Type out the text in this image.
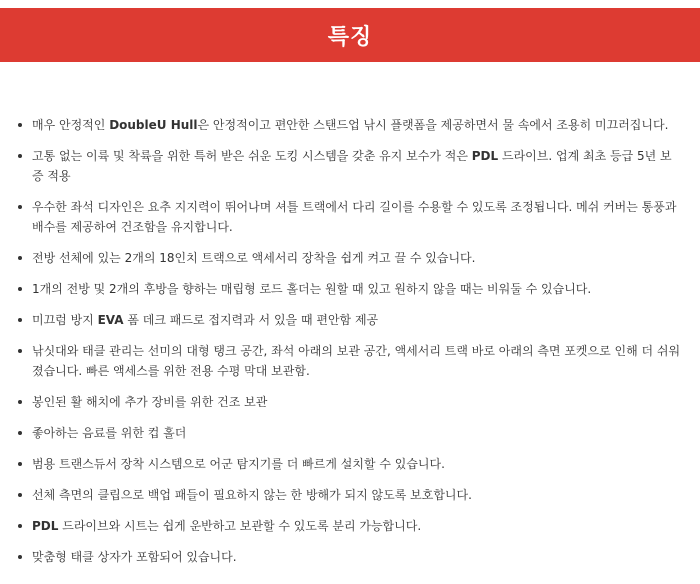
특징
매우 안정적인 DoubleU Hull은 안정적이고 편안한 스탠드업 낚시 플랫폼을 제공하면서 물 속에서 조용히 미끄러집니다.
고통 없는 이륙 및 착륙을 위한 특허 받은 쉬운 도킹 시스템을 갖춘 유지 보수가 적은 PDL 드라이브. 업계 최초 등급 5년 보증 적용
우수한 좌석 디자인은 요추 지지력이 뛰어나며 셔틀 트랙에서 다리 길이를 수용할 수 있도록 조정됩니다. 메쉬 커버는 통풍과 배수를 제공하여 건조함을 유지합니다.
전방 선체에 있는 2개의 18인치 트랙으로 액세서리 장착을 쉽게 켜고 끌 수 있습니다.
1개의 전방 및 2개의 후방을 향하는 매립형 로드 홀더는 원할 때 있고 원하지 않을 때는 비워둘 수 있습니다.
미끄럼 방지 EVA 폼 데크 패드로 접지력과 서 있을 때 편안함 제공
낚싯대와 태클 관리는 선미의 대형 탱크 공간, 좌석 아래의 보관 공간, 액세서리 트랙 바로 아래의 측면 포켓으로 인해 더 쉬워졌습니다. 빠른 액세스를 위한 전용 수평 막대 보관함.
봉인된 활 해치에 추가 장비를 위한 건조 보관
좋아하는 음료를 위한 컵 홀더
범용 트랜스듀서 장착 시스템으로 어군 탐지기를 더 빠르게 설치할 수 있습니다.
선체 측면의 클립으로 백업 패들이 필요하지 않는 한 방해가 되지 않도록 보호합니다.
PDL 드라이브와 시트는 쉽게 운반하고 보관할 수 있도록 분리 가능합니다.
맞춤형 태클 상자가 포함되어 있습니다.
